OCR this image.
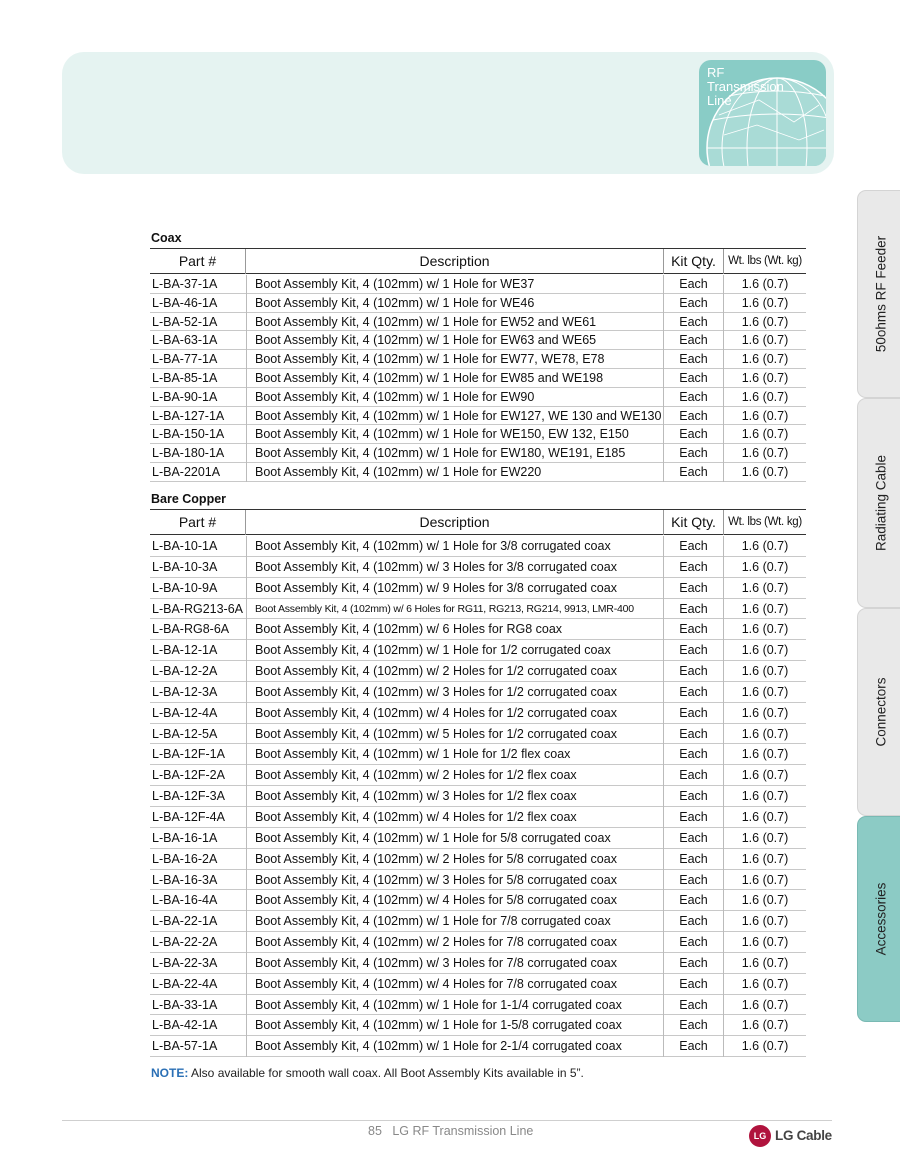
RF
Transmission
Line
50ohms RF Feeder
Radiating Cable
Connectors
Accessories
Coax
Part #	Description	Kit Qty.	Wt. lbs (Wt. kg)
L-BA-37-1A	Boot Assembly Kit, 4 (102mm) w/ 1 Hole for WE37	Each	1.6 (0.7)
L-BA-46-1A	Boot Assembly Kit, 4 (102mm) w/ 1 Hole for WE46	Each	1.6 (0.7)
L-BA-52-1A	Boot Assembly Kit, 4 (102mm) w/ 1 Hole for EW52 and WE61	Each	1.6 (0.7)
L-BA-63-1A	Boot Assembly Kit, 4 (102mm) w/ 1 Hole for EW63 and WE65	Each	1.6 (0.7)
L-BA-77-1A	Boot Assembly Kit, 4 (102mm) w/ 1 Hole for EW77, WE78, E78	Each	1.6 (0.7)
L-BA-85-1A	Boot Assembly Kit, 4 (102mm) w/ 1 Hole for EW85 and WE198	Each	1.6 (0.7)
L-BA-90-1A	Boot Assembly Kit, 4 (102mm) w/ 1 Hole for EW90	Each	1.6 (0.7)
L-BA-127-1A	Boot Assembly Kit, 4 (102mm) w/ 1 Hole for EW127, WE 130 and WE130	Each	1.6 (0.7)
L-BA-150-1A	Boot Assembly Kit, 4 (102mm) w/ 1 Hole for WE150, EW 132, E150	Each	1.6 (0.7)
L-BA-180-1A	Boot Assembly Kit, 4 (102mm) w/ 1 Hole for EW180, WE191, E185	Each	1.6 (0.7)
L-BA-2201A	Boot Assembly Kit, 4 (102mm) w/ 1 Hole for EW220	Each	1.6 (0.7)
Bare Copper
Part #	Description	Kit Qty.	Wt. lbs (Wt. kg)
L-BA-10-1A	Boot Assembly Kit, 4 (102mm) w/ 1 Hole for 3/8 corrugated coax	Each	1.6 (0.7)
L-BA-10-3A	Boot Assembly Kit, 4 (102mm) w/ 3 Holes for 3/8 corrugated coax	Each	1.6 (0.7)
L-BA-10-9A	Boot Assembly Kit, 4 (102mm) w/ 9 Holes for 3/8 corrugated coax	Each	1.6 (0.7)
L-BA-RG213-6A	Boot Assembly Kit, 4 (102mm) w/ 6 Holes for RG11, RG213, RG214, 9913, LMR-400	Each	1.6 (0.7)
L-BA-RG8-6A	Boot Assembly Kit, 4 (102mm) w/ 6 Holes for RG8 coax	Each	1.6 (0.7)
L-BA-12-1A	Boot Assembly Kit, 4 (102mm) w/ 1 Hole for 1/2 corrugated coax	Each	1.6 (0.7)
L-BA-12-2A	Boot Assembly Kit, 4 (102mm) w/ 2 Holes for 1/2 corrugated coax	Each	1.6 (0.7)
L-BA-12-3A	Boot Assembly Kit, 4 (102mm) w/ 3 Holes for 1/2 corrugated coax	Each	1.6 (0.7)
L-BA-12-4A	Boot Assembly Kit, 4 (102mm) w/ 4 Holes for 1/2 corrugated coax	Each	1.6 (0.7)
L-BA-12-5A	Boot Assembly Kit, 4 (102mm) w/ 5 Holes for 1/2 corrugated coax	Each	1.6 (0.7)
L-BA-12F-1A	Boot Assembly Kit, 4 (102mm) w/ 1 Hole for 1/2 flex coax	Each	1.6 (0.7)
L-BA-12F-2A	Boot Assembly Kit, 4 (102mm) w/ 2 Holes for 1/2 flex coax	Each	1.6 (0.7)
L-BA-12F-3A	Boot Assembly Kit, 4 (102mm) w/ 3 Holes for 1/2 flex coax	Each	1.6 (0.7)
L-BA-12F-4A	Boot Assembly Kit, 4 (102mm) w/ 4 Holes for 1/2 flex coax	Each	1.6 (0.7)
L-BA-16-1A	Boot Assembly Kit, 4 (102mm) w/ 1 Hole for 5/8 corrugated coax	Each	1.6 (0.7)
L-BA-16-2A	Boot Assembly Kit, 4 (102mm) w/ 2 Holes for 5/8 corrugated coax	Each	1.6 (0.7)
L-BA-16-3A	Boot Assembly Kit, 4 (102mm) w/ 3 Holes for 5/8 corrugated coax	Each	1.6 (0.7)
L-BA-16-4A	Boot Assembly Kit, 4 (102mm) w/ 4 Holes for 5/8 corrugated coax	Each	1.6 (0.7)
L-BA-22-1A	Boot Assembly Kit, 4 (102mm) w/ 1 Hole for 7/8 corrugated coax	Each	1.6 (0.7)
L-BA-22-2A	Boot Assembly Kit, 4 (102mm) w/ 2 Holes for 7/8 corrugated coax	Each	1.6 (0.7)
L-BA-22-3A	Boot Assembly Kit, 4 (102mm) w/ 3 Holes for 7/8 corrugated coax	Each	1.6 (0.7)
L-BA-22-4A	Boot Assembly Kit, 4 (102mm) w/ 4 Holes for 7/8 corrugated coax	Each	1.6 (0.7)
L-BA-33-1A	Boot Assembly Kit, 4 (102mm) w/ 1 Hole for 1-1/4 corrugated coax	Each	1.6 (0.7)
L-BA-42-1A	Boot Assembly Kit, 4 (102mm) w/ 1 Hole for 1-5/8 corrugated coax	Each	1.6 (0.7)
L-BA-57-1A	Boot Assembly Kit, 4 (102mm) w/ 1 Hole for 2-1/4 corrugated coax	Each	1.6 (0.7)
NOTE: Also available for smooth wall coax. All Boot Assembly Kits available in 5”.
85 LG RF Transmission Line	LG LG Cable
